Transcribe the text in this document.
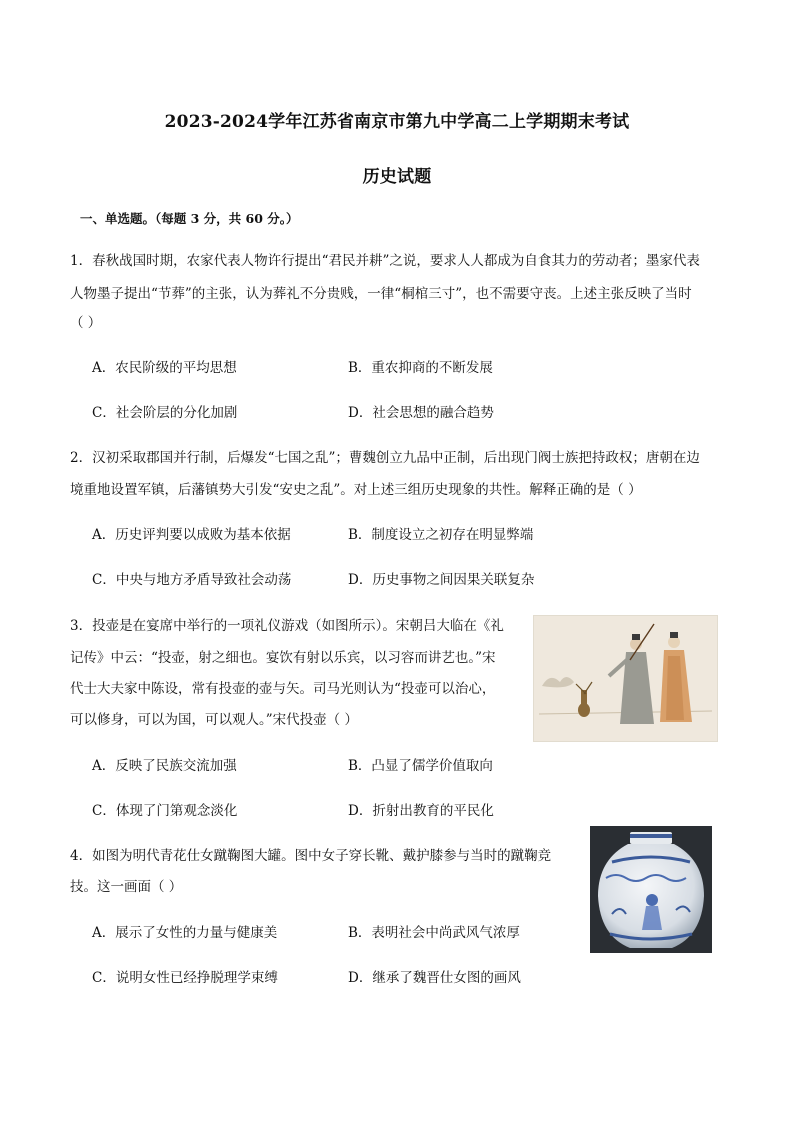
2023-2024学年江苏省南京市第九中学高二上学期期末考试
历史试题
一、单选题。（每题 3 分，共 60 分。）
1．春秋战国时期，农家代表人物许行提出“君民并耕”之说，要求人人都成为自食其力的劳动者；墨家代表
人物墨子提出“节葬”的主张，认为葬礼不分贵贱，一律“桐棺三寸”，也不需要守丧。上述主张反映了当时
（ ）
A．农民阶级的平均思想	B．重农抑商的不断发展
C．社会阶层的分化加剧	D．社会思想的融合趋势
2．汉初采取郡国并行制，后爆发“七国之乱”；曹魏创立九品中正制，后出现门阀士族把持政权；唐朝在边
境重地设置军镇，后藩镇势大引发“安史之乱”。对上述三组历史现象的共性。解释正确的是（ ）
A．历史评判要以成败为基本依据	B．制度设立之初存在明显弊端
C．中央与地方矛盾导致社会动荡	D．历史事物之间因果关联复杂
3．投壶是在宴席中举行的一项礼仪游戏（如图所示）。宋朝吕大临在《礼
记传》中云：“投壶，射之细也。宴饮有射以乐宾，以习容而讲艺也。”宋
代士大夫家中陈设，常有投壶的壶与矢。司马光则认为“投壶可以治心，
可以修身，可以为国，可以观人。”宋代投壶（ ）
A．反映了民族交流加强	B．凸显了儒学价值取向
C．体现了门第观念淡化	D．折射出教育的平民化
4．如图为明代青花仕女蹴鞠图大罐。图中女子穿长靴、戴护膝参与当时的蹴鞠竞
技。这一画面（ ）
A．展示了女性的力量与健康美	B．表明社会中尚武风气浓厚
C．说明女性已经挣脱理学束缚	D．继承了魏晋仕女图的画风
